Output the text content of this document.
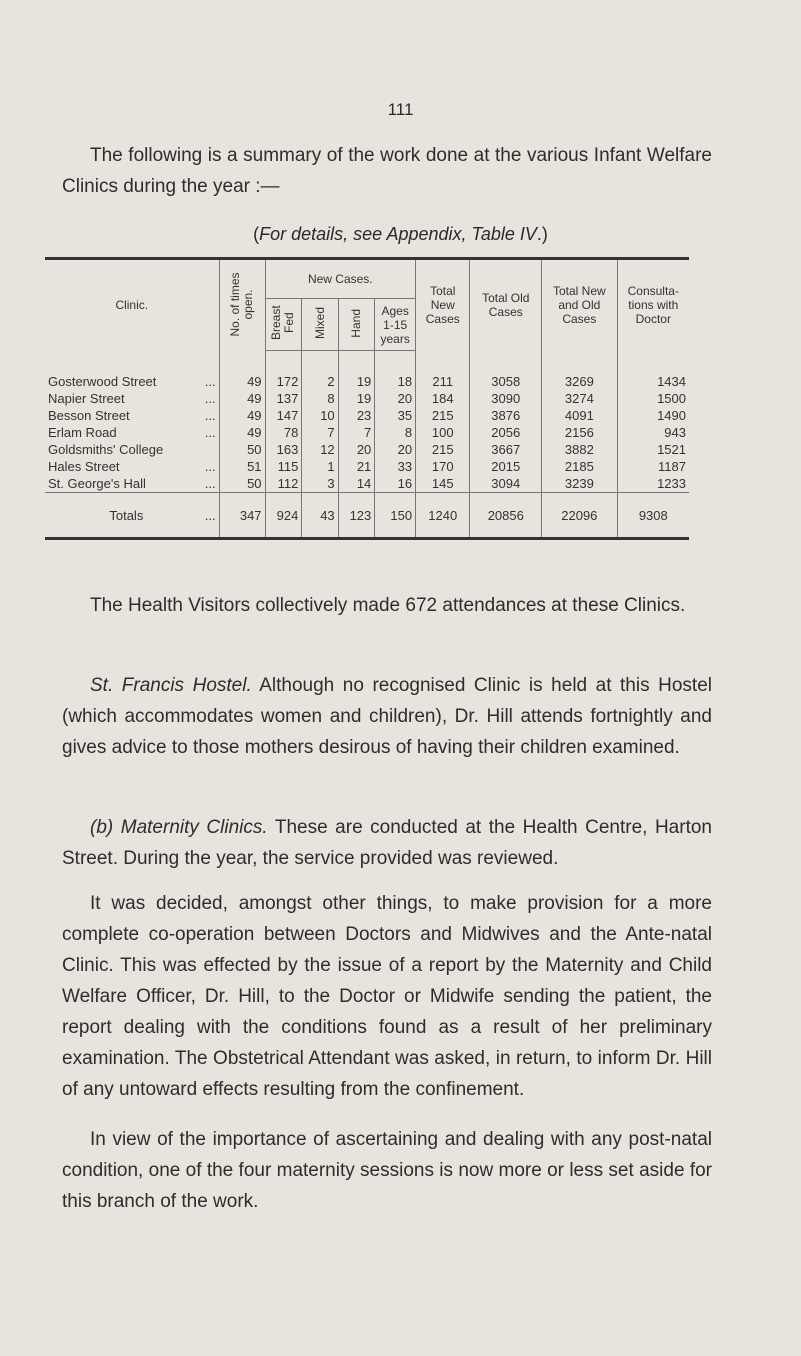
111
The following is a summary of the work done at the various Infant Welfare Clinics during the year :—
(For details, see Appendix, Table IV.)
Clinic.	No. of times open.	New Cases.				Total New Cases	Total Old Cases	Total New and Old Cases	Consulta- tions with Doctor
		Breast Fed	Mixed	Hand	Ages 1-15 years				
Gosterwood Street ...	49	172	2	19	18	211	3058	3269	1434
Napier Street ...	49	137	8	19	20	184	3090	3274	1500
Besson Street ...	49	147	10	23	35	215	3876	4091	1490
Erlam Road ...	49	78	7	7	8	100	2056	2156	943
Goldsmiths' College	50	163	12	20	20	215	3667	3882	1521
Hales Street ...	51	115	1	21	33	170	2015	2185	1187
St. George's Hall ...	50	112	3	14	16	145	3094	3239	1233
Totals ...	347	924	43	123	150	1240	20856	22096	9308
The Health Visitors collectively made 672 attendances at these Clinics.
St. Francis Hostel. Although no recognised Clinic is held at this Hostel (which accommodates women and children), Dr. Hill attends fortnightly and gives advice to those mothers desirous of having their children examined.
(b) Maternity Clinics. These are conducted at the Health Centre, Harton Street. During the year, the service provided was reviewed.
It was decided, amongst other things, to make provision for a more complete co-operation between Doctors and Midwives and the Ante-natal Clinic. This was effected by the issue of a report by the Maternity and Child Welfare Officer, Dr. Hill, to the Doctor or Midwife sending the patient, the report dealing with the conditions found as a result of her preliminary examination. The Obstetrical Attendant was asked, in return, to inform Dr. Hill of any untoward effects resulting from the confinement.
In view of the importance of ascertaining and dealing with any post-natal condition, one of the four maternity sessions is now more or less set aside for this branch of the work.
